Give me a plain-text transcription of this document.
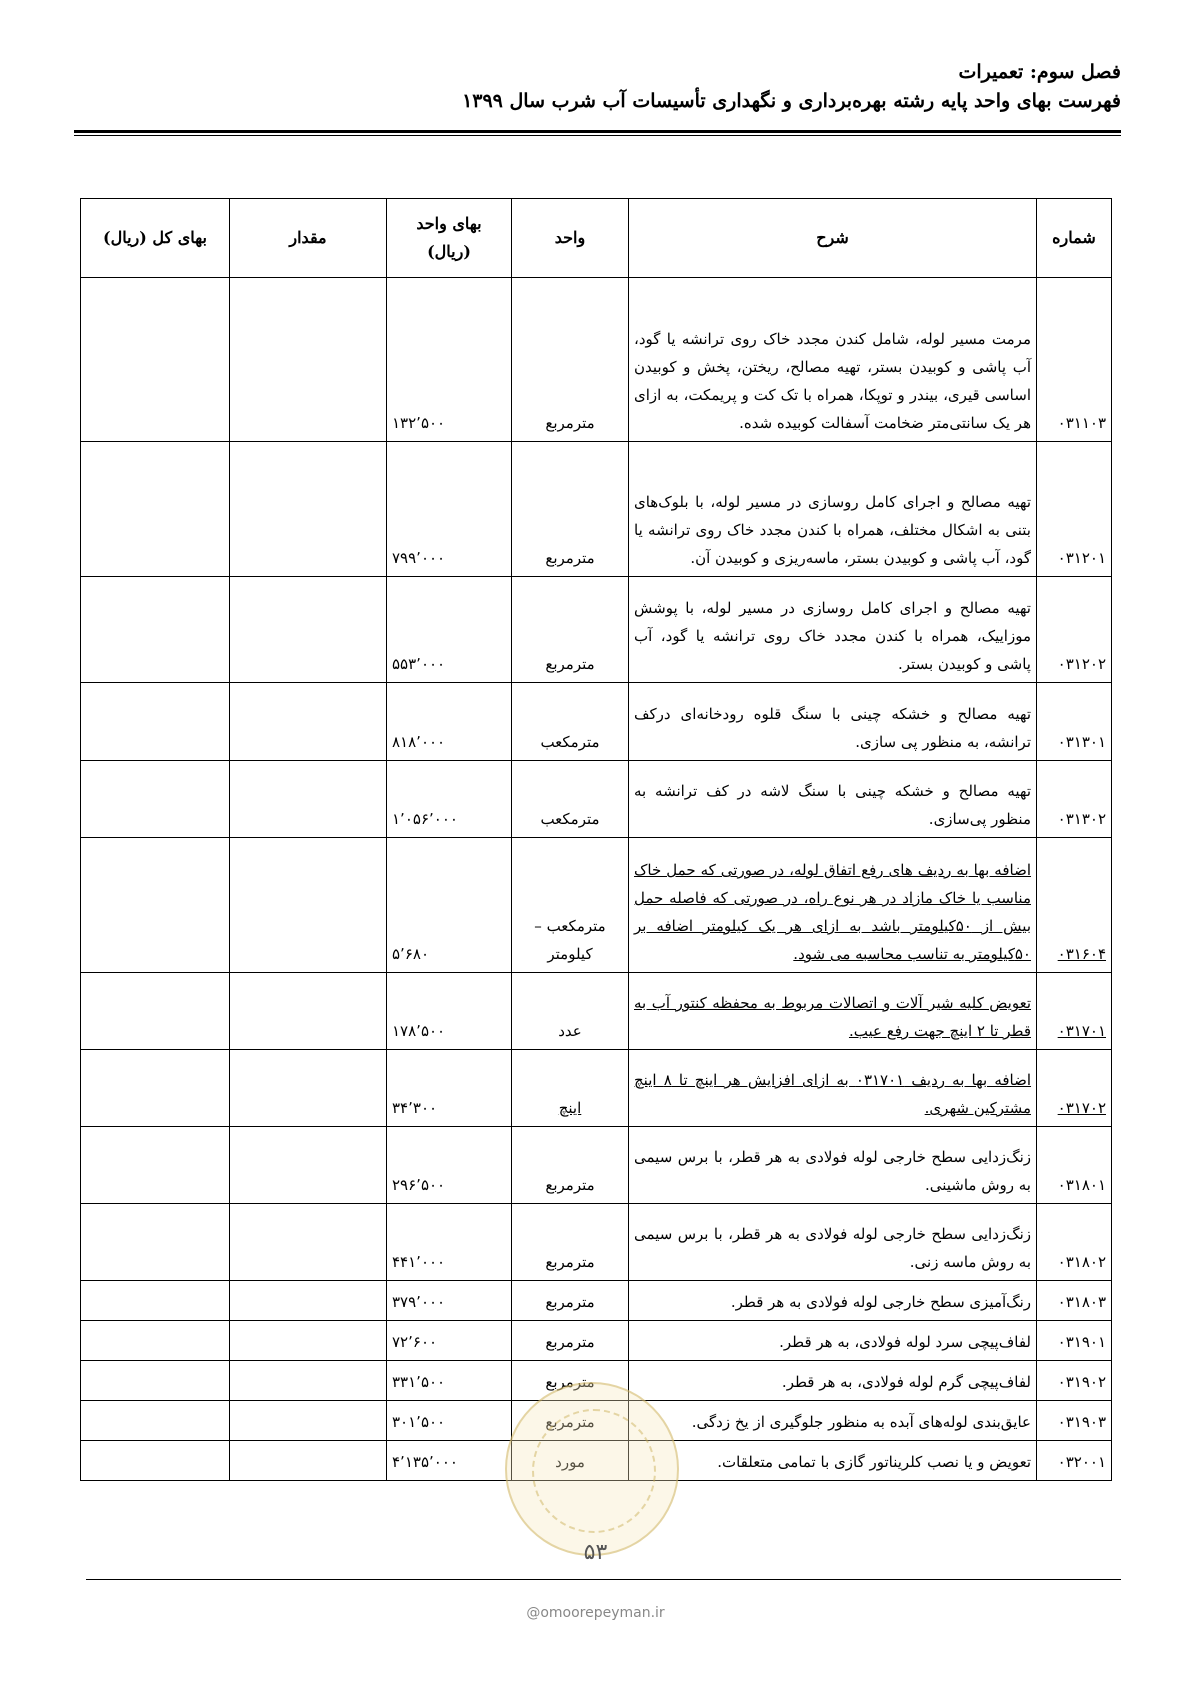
فصل سوم: تعمیرات
فهرست بهای واحد پایه رشته بهره‌برداری و نگهداری تأسیسات آب شرب سال ۱۳۹۹
شماره	شرح	واحد	بهای واحد (ریال)	مقدار	بهای کل (ریال)
۰۳۱۱۰۳	مرمت مسیر لوله، شامل کندن مجدد خاک روی ترانشه یا گود، آب پاشی و کوبیدن بستر، تهیه مصالح، ریختن، پخش و کوبیدن اساسی قیری، بیندر و توپکا، همراه با تک کت و پریمکت، به ازای هر یک سانتی‌متر ضخامت آسفالت کوبیده شده.	مترمربع	۱۳۲٬۵۰۰		
۰۳۱۲۰۱	تهیه مصالح و اجرای کامل روسازی در مسیر لوله، با بلوک‌های بتنی به اشکال مختلف، همراه با کندن مجدد خاک روی ترانشه یا گود، آب پاشی و کوبیدن بستر، ماسه‌ریزی و کوبیدن آن.	مترمربع	۷۹۹٬۰۰۰		
۰۳۱۲۰۲	تهیه مصالح و اجرای کامل روسازی در مسیر لوله، با پوشش موزاییک، همراه با کندن مجدد خاک روی ترانشه یا گود، آب پاشی و کوبیدن بستر.	مترمربع	۵۵۳٬۰۰۰		
۰۳۱۳۰۱	تهیه مصالح و خشکه چینی با سنگ قلوه رودخانه‌ای درکف ترانشه، به منظور پی سازی.	مترمکعب	۸۱۸٬۰۰۰		
۰۳۱۳۰۲	تهیه مصالح و خشکه چینی با سنگ لاشه در کف ترانشه به منظور پی‌سازی.	مترمکعب	۱٬۰۵۶٬۰۰۰		
۰۳۱۶۰۴	اضافه بها به ردیف های رفع اتفاق لوله، در صورتی که حمل خاک مناسب یا خاک مازاد در هر نوع راه، در صورتی که فاصله حمل بیش از ۵۰کیلومتر باشد به ازای هر یک کیلومتر اضافه بر ۵۰کیلومتر به تناسب محاسبه می شود.	مترمکعب – کیلومتر	۵٬۶۸۰		
۰۳۱۷۰۱	تعویض کلیه شیر آلات و اتصالات مربوط به محفظه کنتور آب به قطر تا ۲ اینچ جهت رفع عیب.	عدد	۱۷۸٬۵۰۰		
۰۳۱۷۰۲	اضافه بها به ردیف ۰۳۱۷۰۱ به ازای افزایش هر اینچ تا ۸ اینچ مشترکین شهری.	اینچ	۳۴٬۳۰۰		
۰۳۱۸۰۱	زنگ‌زدایی سطح خارجی لوله فولادی به هر قطر، با برس سیمی به روش ماشینی.	مترمربع	۲۹۶٬۵۰۰		
۰۳۱۸۰۲	زنگ‌زدایی سطح خارجی لوله فولادی به هر قطر، با برس سیمی به روش ماسه زنی.	مترمربع	۴۴۱٬۰۰۰		
۰۳۱۸۰۳	رنگ‌آمیزی سطح خارجی لوله فولادی به هر قطر.	مترمربع	۳۷۹٬۰۰۰		
۰۳۱۹۰۱	لفاف‌پیچی سرد لوله فولادی، به هر قطر.	مترمربع	۷۲٬۶۰۰		
۰۳۱۹۰۲	لفاف‌پیچی گرم لوله فولادی، به هر قطر.	مترمربع	۳۳۱٬۵۰۰		
۰۳۱۹۰۳	عایق‌بندی لوله‌های آبده به منظور جلوگیری از یخ زدگی.	مترمربع	۳۰۱٬۵۰۰		
۰۳۲۰۰۱	تعویض و یا نصب کلریناتور گازی با تمامی متعلقات.	مورد	۴٬۱۳۵٬۰۰۰		
۵۳
@omoorepeyman.ir
